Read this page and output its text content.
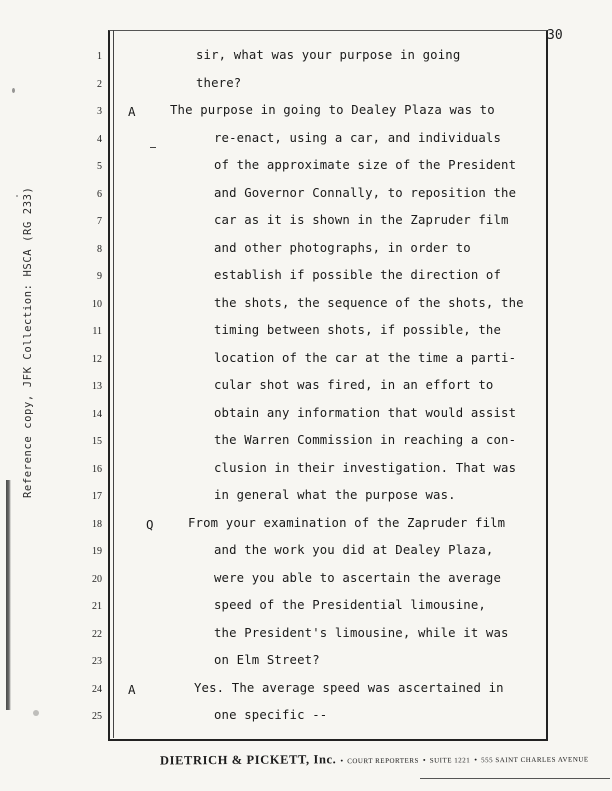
Reference copy, JFK Collection: HSCA (RG 233)
30
1	sir, what was your purpose in going
2	there?
3 A	The purpose in going to Dealey Plaza was to
4	re-enact, using a car, and individuals
5	of the approximate size of the President
6	and Governor Connally, to reposition the
7	car as it is shown in the Zapruder film
8	and other photographs, in order to
9	establish if possible the direction of
10	the shots, the sequence of the shots, the
11	timing between shots, if possible, the
12	location of the car at the time a parti-
13	cular shot was fired, in an effort to
14	obtain any information that would assist
15	the Warren Commission in reaching a con-
16	clusion in their investigation. That was
17	in general what the purpose was.
18	Q	From your examination of the Zapruder film
19	and the work you did at Dealey Plaza,
20	were you able to ascertain the average
21	speed of the Presidential limousine,
22	the President's limousine, while it was
23	on Elm Street?
24 A	Yes. The average speed was ascertained in
25	one specific --
DIETRICH & PICKETT, Inc. • COURT REPORTERS • SUITE 1221 • 555 SAINT CHARLES AVENUE
